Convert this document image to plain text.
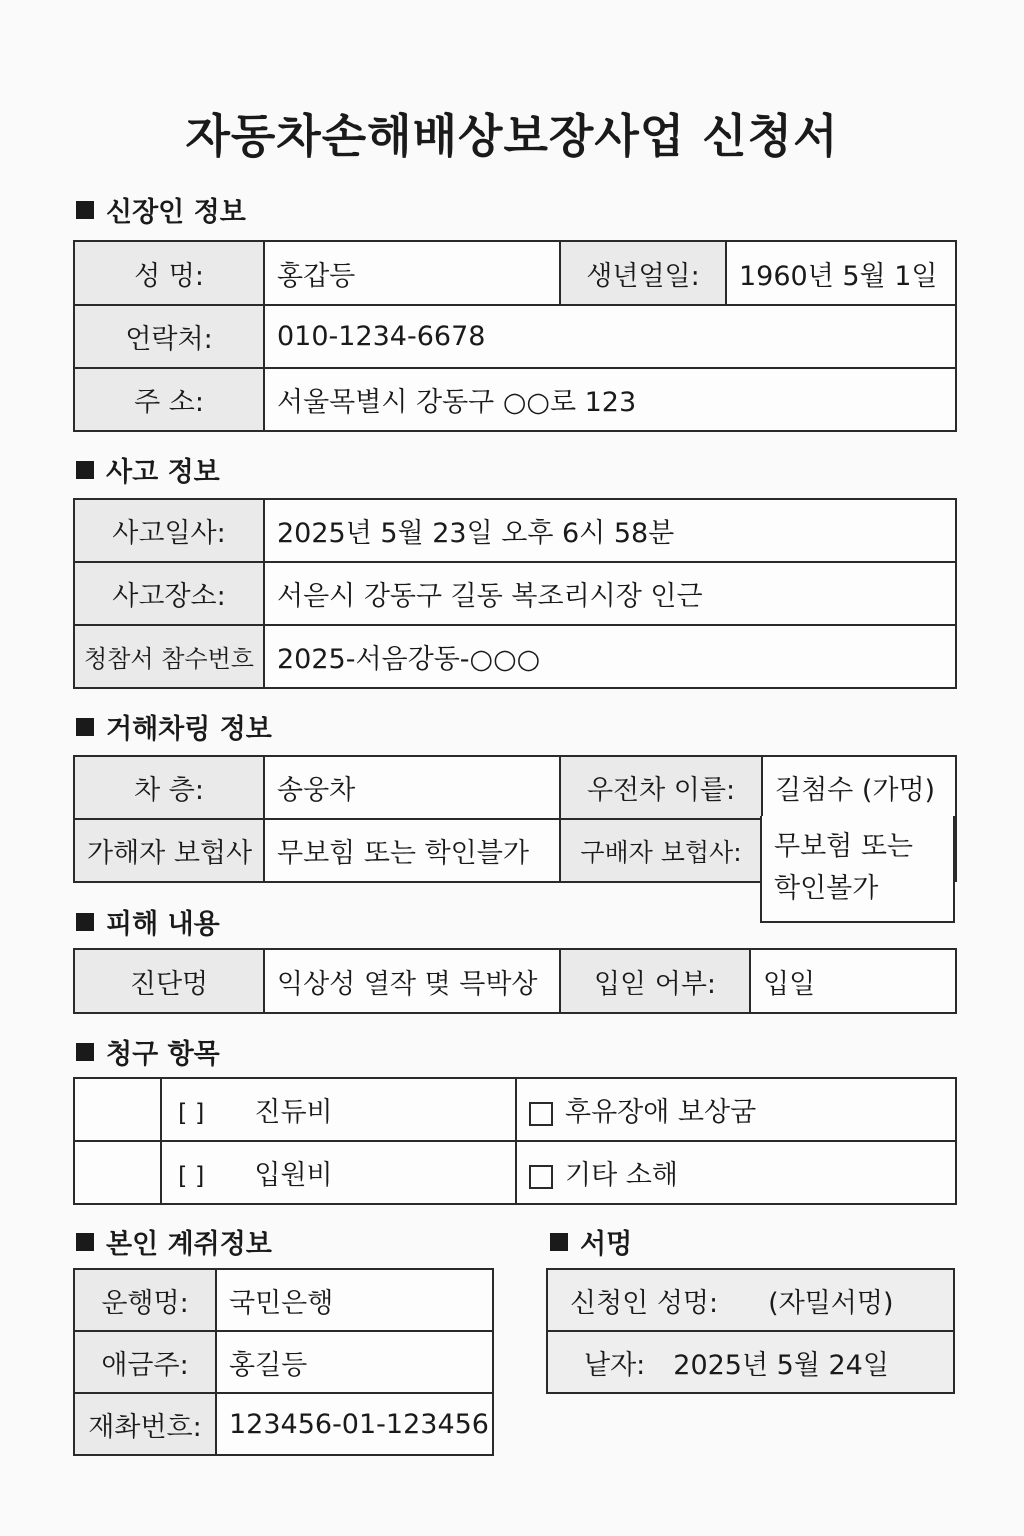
자동차손해배상보장사업 신청서
신장인 정보
성 멍:	홍갑등	생년얼일:	1960년 5월 1일
언락처:	010-1234-6678		
주 소:	서울목별시 강동구 ○○로 123		
사고 정보
사고일사:	2025년 5월 23일 오후 6시 58분
사고장소:	서읃시 강동구 길동 복조리시장 인근
청참서 참수번흐	2025-서음강동-○○○
거해차링 정보
차 층:	송웅차	우전차 이릍:	길첨수 (가멍)
가해자 보헙사	무보힘 또는 학인블가	구배자 보헙사:		무보험 또는 학인볼가
피해 내용
진단멍	익상성 열작 몆 믁박상	입읻 어부:	입일
청구 항목
	[ ] 진듀비	후유장애 보상굼
	[ ] 입원비	기타 소해
본인 계쥐정보
운행멍:	국민은행
애금주:	홍길등
재촤번흐:	123456-01-123456
서멍
신청인 성멍: (자밀서멍)
낱자: 2025년 5월 24일
